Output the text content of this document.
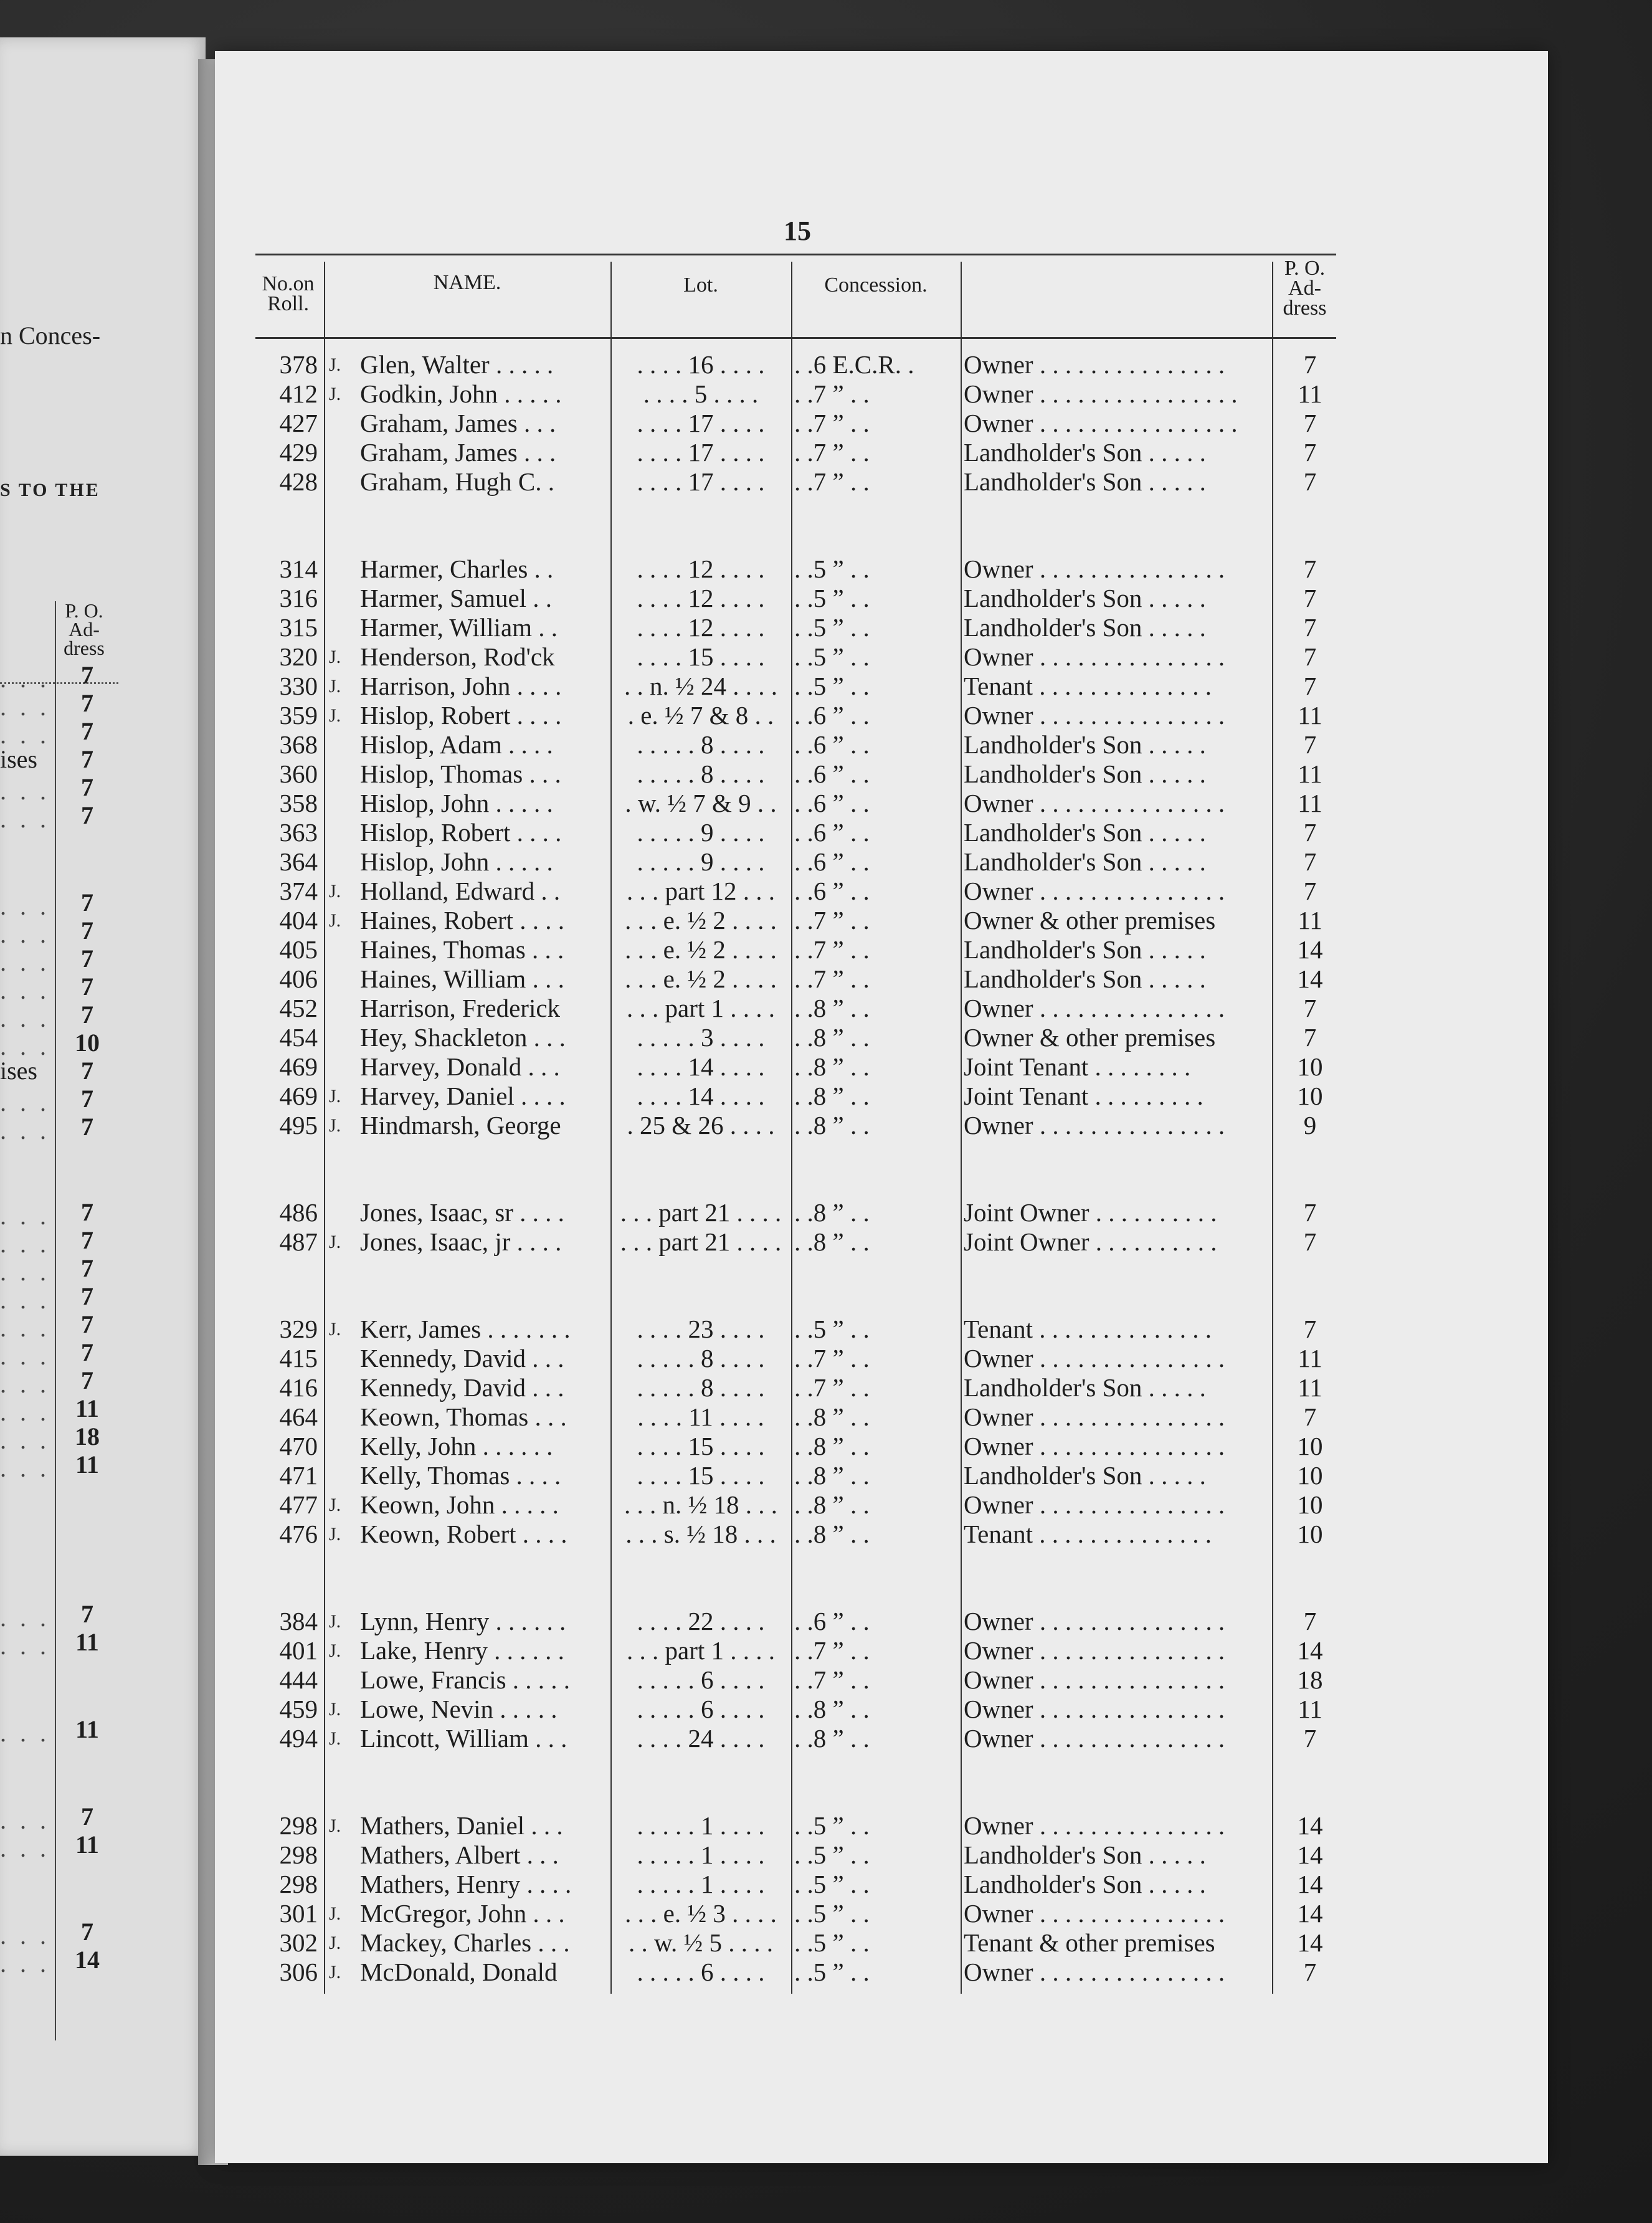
n Conces-
S TO THE
P. O.
Ad-
dress
. . .	7
. . .	7
. . .	7
ises	7
. . .	7
. . .	7
. . .	7
. . .	7
. . .	7
. . .	7
. . .	7
. . .	10
ises	7
. . .	7
. . .	7
. . .	7
. . .	7
. . .	7
. . .	7
. . .	7
. . .	7
. . .	7
. . .	11
. . .	18
. . .	11
. . .	7
. . .	11
. . .	11
. . .	7
. . .	11
. . .	7
. . .	14
15
No.on
Roll.
NAME.	Lot.	Concession.
P. O.
Ad-
dress
378 J. Glen, Walter . . . . .	. . . . 16 . . . .	. .6 E.C.R. .	Owner . . . . . . . . . . . . . . .	7
412 J. Godkin, John . . . . .	. . . . 5 . . . .	. .7 ” . .	Owner . . . . . . . . . . . . . . . .	11
427 Graham, James . . .	. . . . 17 . . . .	. .7 ” . .	Owner . . . . . . . . . . . . . . . .	7
429 Graham, James . . .	. . . . 17 . . . .	. .7 ” . .	Landholder's Son . . . . .	7
428 Graham, Hugh C. .	. . . . 17 . . . .	. .7 ” . .	Landholder's Son . . . . .	7
314 Harmer, Charles . .	. . . . 12 . . . .	. .5 ” . .	Owner . . . . . . . . . . . . . . .	7
316 Harmer, Samuel . .	. . . . 12 . . . .	. .5 ” . .	Landholder's Son . . . . .	7
315 Harmer, William . .	. . . . 12 . . . .	. .5 ” . .	Landholder's Son . . . . .	7
320 J. Henderson, Rod'ck	. . . . 15 . . . .	. .5 ” . .	Owner . . . . . . . . . . . . . . .	7
330 J. Harrison, John . . . .	. . n. ½ 24 . . . . . .5 ” . .	Tenant . . . . . . . . . . . . . .	7
359 J. Hislop, Robert . . . .	. e. ½ 7 & 8 . . . .6 ” . .	Owner . . . . . . . . . . . . . . .	11
368 Hislop, Adam . . . .	. . . . . 8 . . . .	. .6 ” . .	Landholder's Son . . . . .	7
360 Hislop, Thomas . . .	. . . . . 8 . . . .	. .6 ” . .	Landholder's Son . . . . .	11
358 Hislop, John . . . . .	. w. ½ 7 & 9 . . . .6 ” . .	Owner . . . . . . . . . . . . . . .	11
363 Hislop, Robert . . . .	. . . . . 9 . . . .	. .6 ” . .	Landholder's Son . . . . .	7
364 Hislop, John . . . . .	. . . . . 9 . . . .	. .6 ” . .	Landholder's Son . . . . .	7
374 J. Holland, Edward . .	. . . part 12 . . . . .6 ” . .	Owner . . . . . . . . . . . . . . .	7
404 J. Haines, Robert . . . .	. . . e. ½ 2 . . . . . .7 ” . .	Owner & other premises	11
405 Haines, Thomas . . .	. . . e. ½ 2 . . . . . .7 ” . .	Landholder's Son . . . . .	14
406 Haines, William . . .	. . . e. ½ 2 . . . . . .7 ” . .	Landholder's Son . . . . .	14
452 Harrison, Frederick	. . . part 1 . . . . . .8 ” . .	Owner . . . . . . . . . . . . . . .	7
454 Hey, Shackleton . . .	. . . . . 3 . . . .	. .8 ” . .	Owner & other premises	7
469 Harvey, Donald . . .	. . . . 14 . . . .	. .8 ” . .	Joint Tenant . . . . . . . .	10
469 J. Harvey, Daniel . . . .	. . . . 14 . . . .	. .8 ” . .	Joint Tenant . . . . . . . . .	10
495 J. Hindmarsh, George	. 25 & 26 . . . . . .8 ” . .	Owner . . . . . . . . . . . . . . .	9
486 Jones, Isaac, sr . . . .	. . . part 21 . . . . . .8 ” . .	Joint Owner . . . . . . . . . .	7
487 J. Jones, Isaac, jr . . . .	. . . part 21 . . . . . .8 ” . .	Joint Owner . . . . . . . . . .	7
329 J. Kerr, James . . . . . . .	. . . . 23 . . . .	. .5 ” . .	Tenant . . . . . . . . . . . . . .	7
415 Kennedy, David . . .	. . . . . 8 . . . .	. .7 ” . .	Owner . . . . . . . . . . . . . . .	11
416 Kennedy, David . . .	. . . . . 8 . . . .	. .7 ” . .	Landholder's Son . . . . .	11
464 Keown, Thomas . . .	. . . . 11 . . . .	. .8 ” . .	Owner . . . . . . . . . . . . . . .	7
470 Kelly, John . . . . . .	. . . . 15 . . . .	. .8 ” . .	Owner . . . . . . . . . . . . . . .	10
471 Kelly, Thomas . . . .	. . . . 15 . . . .	. .8 ” . .	Landholder's Son . . . . .	10
477 J. Keown, John . . . . .	. . . n. ½ 18 . . . . .8 ” . .	Owner . . . . . . . . . . . . . . .	10
476 J. Keown, Robert . . . .	. . . s. ½ 18 . . . . .8 ” . .	Tenant . . . . . . . . . . . . . .	10
384 J. Lynn, Henry . . . . . .	. . . . 22 . . . .	. .6 ” . .	Owner . . . . . . . . . . . . . . .	7
401 J. Lake, Henry . . . . . .	. . . part 1 . . . . . .7 ” . .	Owner . . . . . . . . . . . . . . .	14
444 Lowe, Francis . . . . .	. . . . . 6 . . . .	. .7 ” . .	Owner . . . . . . . . . . . . . . .	18
459 J. Lowe, Nevin . . . . .	. . . . . 6 . . . .	. .8 ” . .	Owner . . . . . . . . . . . . . . .	11
494 J. Lincott, William . . .	. . . . 24 . . . .	. .8 ” . .	Owner . . . . . . . . . . . . . . .	7
298 J. Mathers, Daniel . . .	. . . . . 1 . . . .	. .5 ” . .	Owner . . . . . . . . . . . . . . .	14
298 Mathers, Albert . . .	. . . . . 1 . . . .	. .5 ” . .	Landholder's Son . . . . .	14
298 Mathers, Henry . . . .	. . . . . 1 . . . .	. .5 ” . .	Landholder's Son . . . . .	14
301 J. McGregor, John . . .	. . . e. ½ 3 . . . . . .5 ” . .	Owner . . . . . . . . . . . . . . .	14
302 J. Mackey, Charles . . .	. . w. ½ 5 . . . . . .5 ” . .	Tenant & other premises	14
306 J. McDonald, Donald	. . . . . 6 . . . .	. .5 ” . .	Owner . . . . . . . . . . . . . . .	7
